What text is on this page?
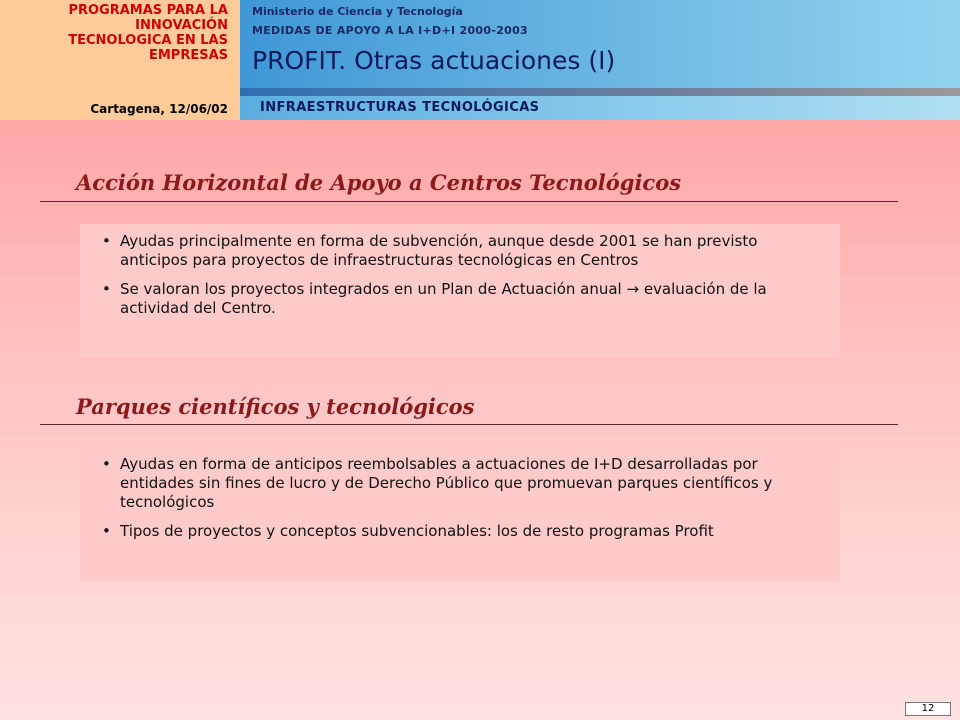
PROGRAMAS PARA LA
INNOVACIÓN
TECNOLOGICA EN LAS
EMPRESAS
Ministerio de Ciencia y Tecnología
MEDIDAS DE APOYO A LA I+D+I 2000-2003
PROFIT. Otras actuaciones (I)
Cartagena, 12/06/02	INFRAESTRUCTURAS TECNOLÓGICAS
Acción Horizontal de Apoyo a Centros Tecnológicos
• Ayudas principalmente en forma de subvención, aunque desde 2001 se han previsto anticipos para proyectos de infraestructuras tecnológicas en Centros
• Se valoran los proyectos integrados en un Plan de Actuación anual → evaluación de la actividad del Centro.
Parques científicos y tecnológicos
• Ayudas en forma de anticipos reembolsables a actuaciones de I+D desarrolladas por entidades sin fines de lucro y de Derecho Público que promuevan parques científicos y tecnológicos
• Tipos de proyectos y conceptos subvencionables: los de resto programas Profit
12
